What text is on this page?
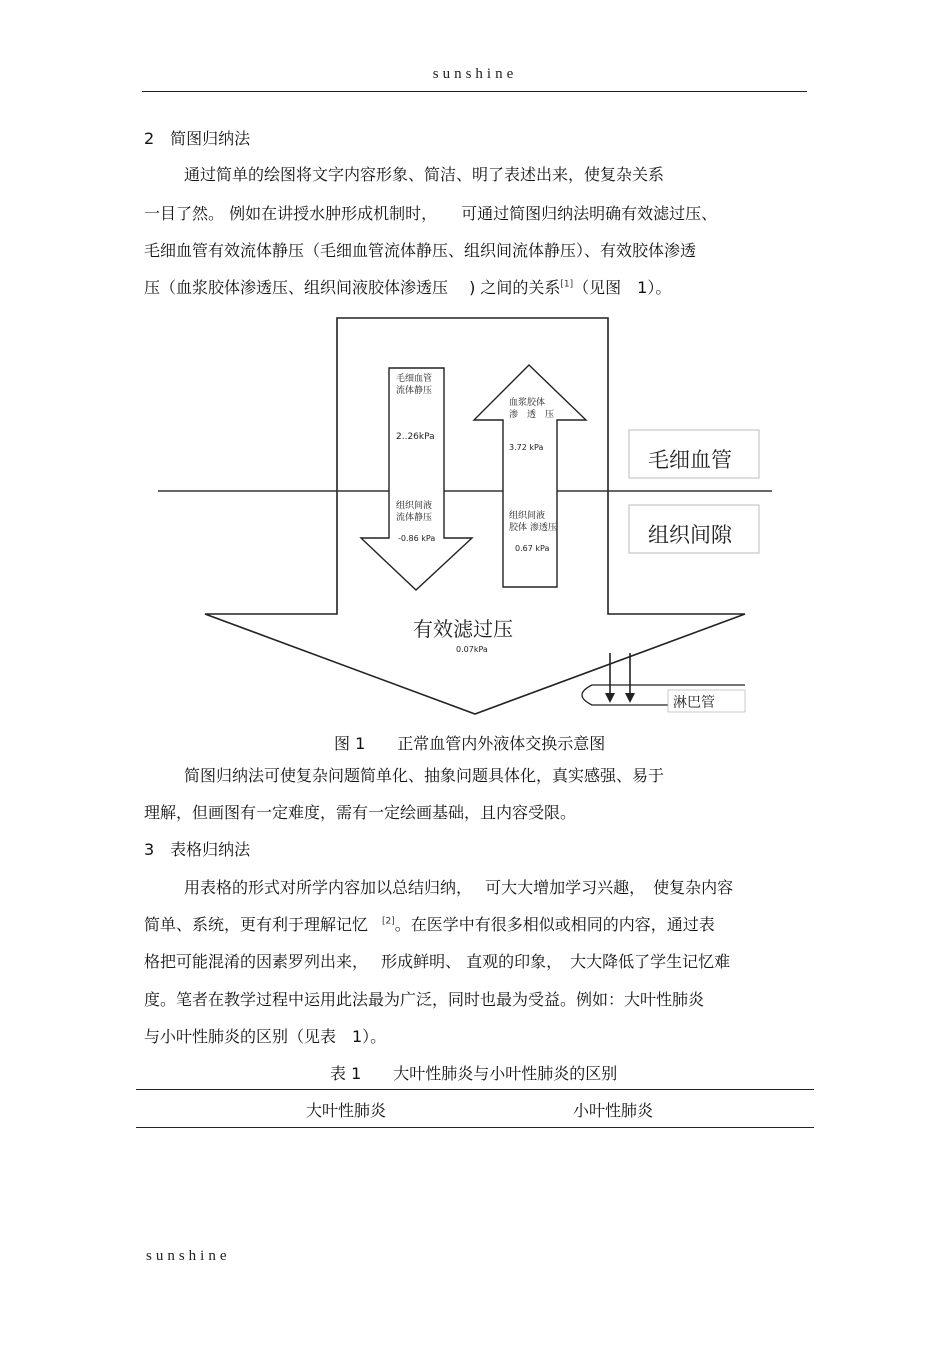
sunshine
2　简图归纳法
通过简单的绘图将文字内容形象、简洁、明了表述出来，使复杂关系
一目了然。 例如在讲授水肿形成机制时，　　可通过简图归纳法明确有效滤过压、
毛细血管有效流体静压（毛细血管流体静压、组织间流体静压）、有效胶体渗透
压（血浆胶体渗透压、组织间液胶体渗透压　 ) 之间的关系[1]（见图　1）。
毛细血管
流体静压
2..26kPa
组织间液
流体静压
-0.86 kPa
血浆胶体
渗　透　压
3.72 kPa
组织间液
胶体 渗透压
0.67 kPa
毛细血管
组织间隙
有效滤过压
0.07kPa
淋巴管
图 1　　正常血管内外液体交换示意图
简图归纳法可使复杂问题简单化、抽象问题具体化，真实感强、易于
理解，但画图有一定难度，需有一定绘画基础，且内容受限。
3　表格归纳法
用表格的形式对所学内容加以总结归纳，　 可大大增加学习兴趣，　使复杂内容
简单、系统，更有利于理解记忆 [2]。在医学中有很多相似或相同的内容，通过表
格把可能混淆的因素罗列出来，　 形成鲜明、 直观的印象，　大大降低了学生记忆难
度。笔者在教学过程中运用此法最为广泛，同时也最为受益。例如：大叶性肺炎
与小叶性肺炎的区别（见表　1）。
表 1　　大叶性肺炎与小叶性肺炎的区别
大叶性肺炎	小叶性肺炎
sunshine
